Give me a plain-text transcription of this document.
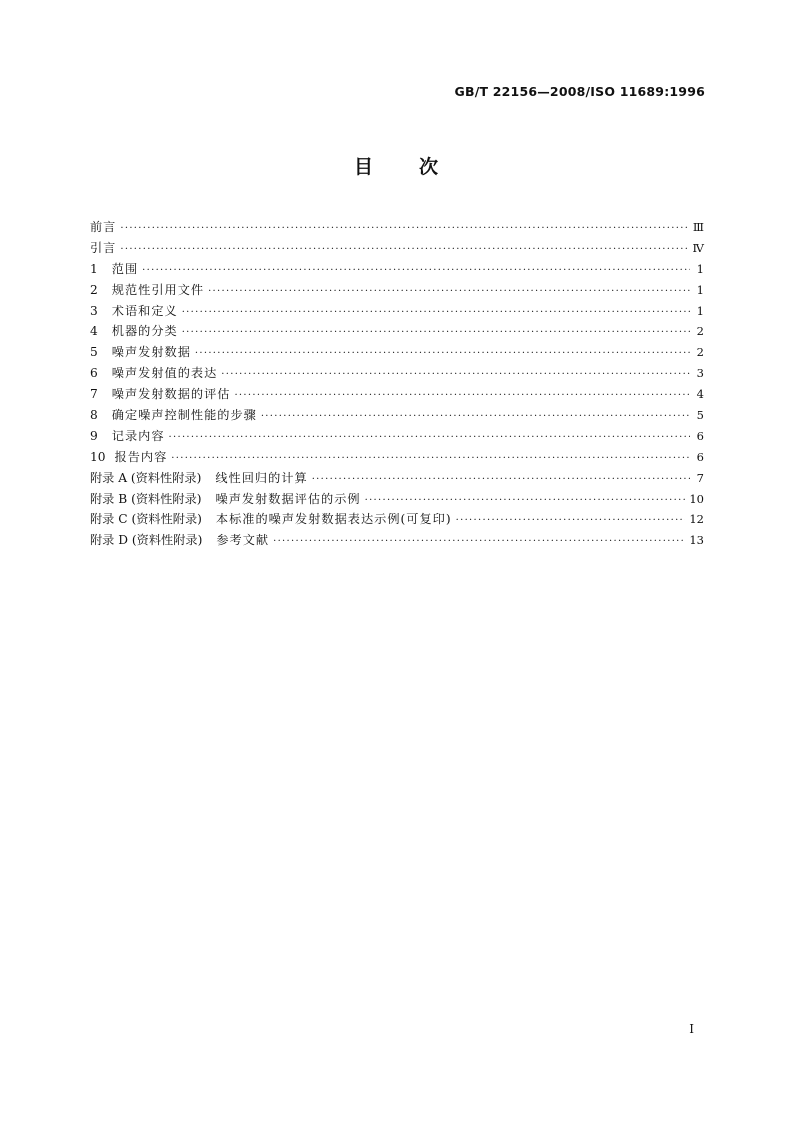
GB/T 22156—2008/ISO 11689:1996
目 次
前言 ·····	Ⅲ
引言 ·····	Ⅳ
1 范围 ·····	1
2 规范性引用文件 ·····	1
3 术语和定义 ·····	1
4 机器的分类 ·····	2
5 噪声发射数据 ·····	2
6 噪声发射值的表达 ·····	3
7 噪声发射数据的评估 ·····	4
8 确定噪声控制性能的步骤 ·····	5
9 记录内容 ·····	6
10 报告内容 ·····	6
附录 A (资料性附录) 线性回归的计算 ·····	7
附录 B (资料性附录) 噪声发射数据评估的示例 ·····	10
附录 C (资料性附录) 本标准的噪声发射数据表达示例(可复印) ·····	12
附录 D (资料性附录) 参考文献 ·····	13
I
